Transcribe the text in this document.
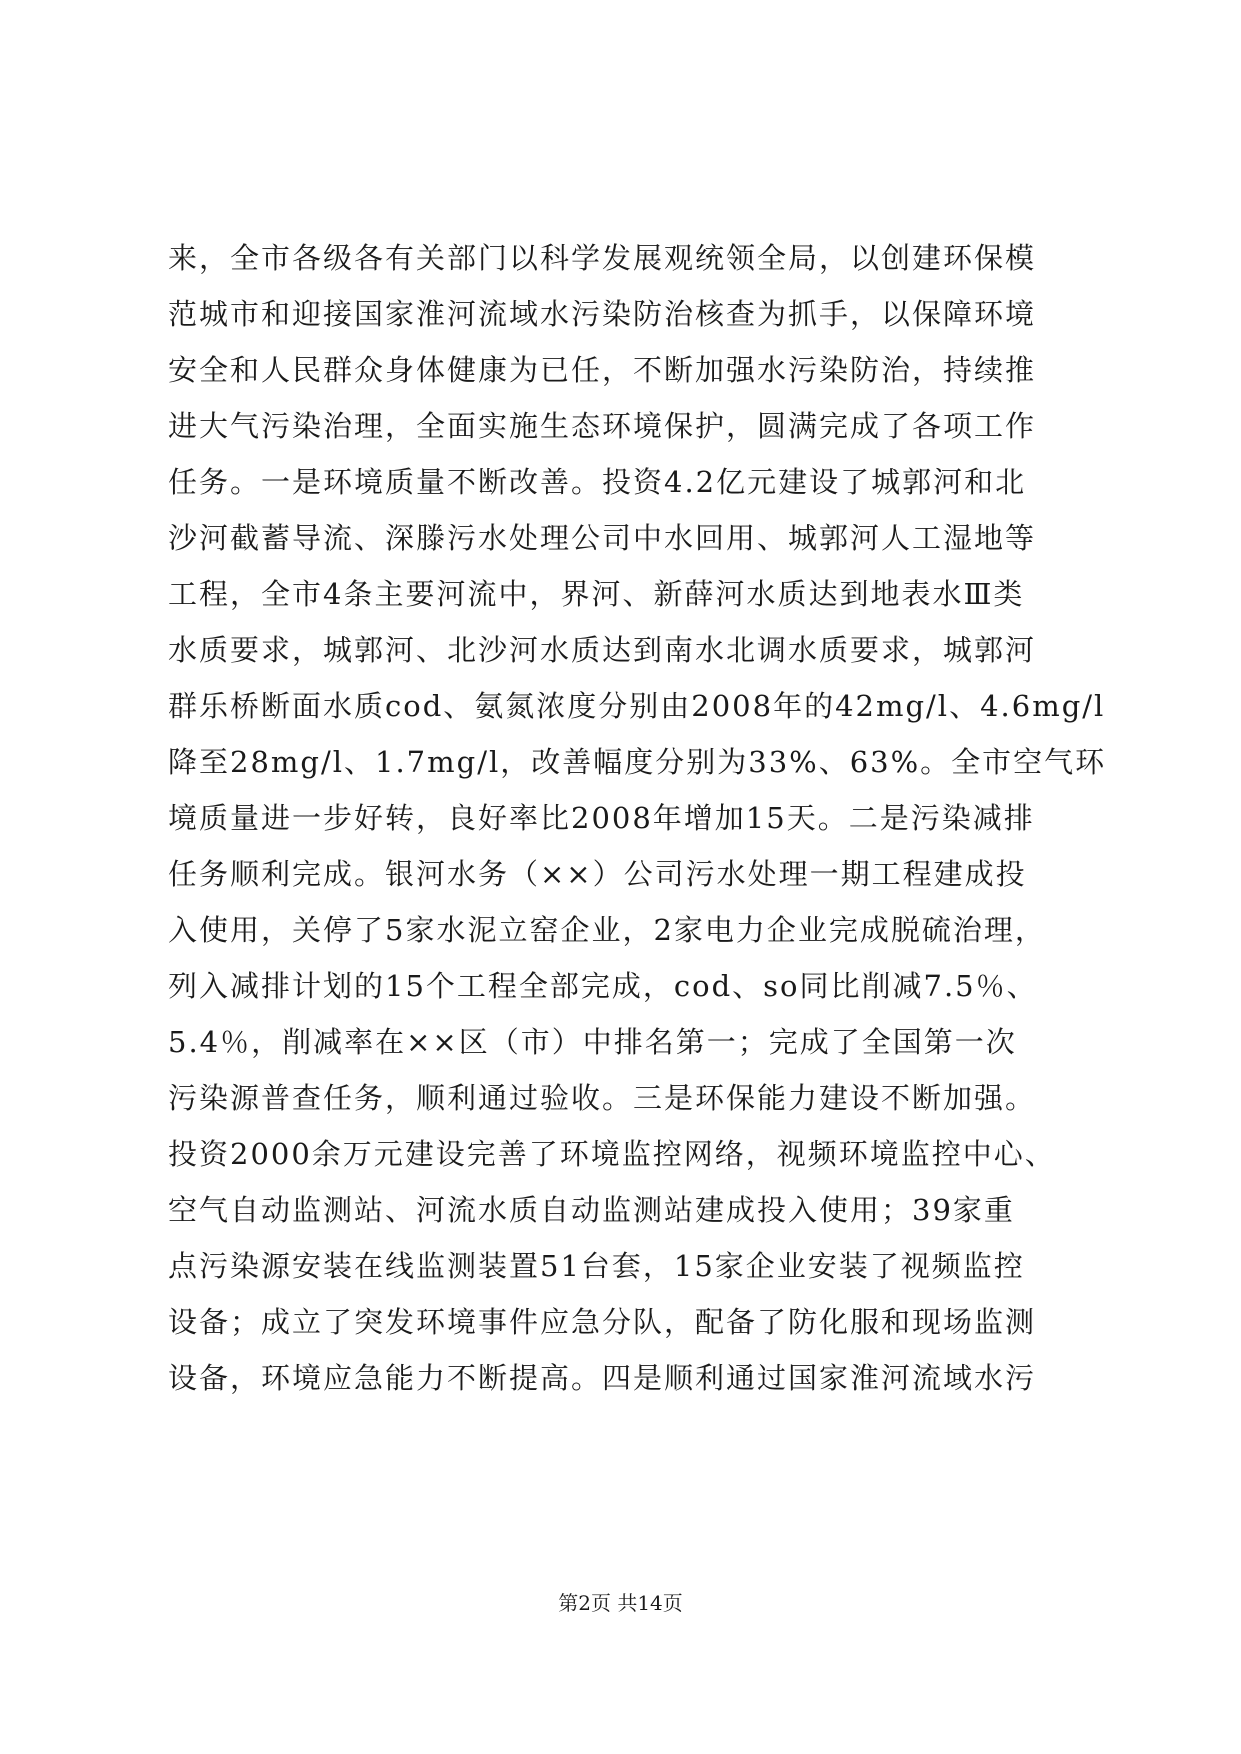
来，全市各级各有关部门以科学发展观统领全局，以创建环保模
范城市和迎接国家淮河流域水污染防治核查为抓手，以保障环境
安全和人民群众身体健康为已任，不断加强水污染防治，持续推
进大气污染治理，全面实施生态环境保护，圆满完成了各项工作
任务。一是环境质量不断改善。投资4.2亿元建设了城郭河和北
沙河截蓄导流、深滕污水处理公司中水回用、城郭河人工湿地等
工程，全市4条主要河流中，界河、新薛河水质达到地表水Ⅲ类
水质要求，城郭河、北沙河水质达到南水北调水质要求，城郭河
群乐桥断面水质cod、氨氮浓度分别由2008年的42mg/l、4.6mg/l
降至28mg/l、1.7mg/l，改善幅度分别为33%、63%。全市空气环
境质量进一步好转，良好率比2008年增加15天。二是污染减排
任务顺利完成。银河水务（××）公司污水处理一期工程建成投
入使用，关停了5家水泥立窑企业，2家电力企业完成脱硫治理，
列入减排计划的15个工程全部完成，cod、so同比削减7.5％、
5.4％，削减率在××区（市）中排名第一；完成了全国第一次
污染源普查任务，顺利通过验收。三是环保能力建设不断加强。
投资2000余万元建设完善了环境监控网络，视频环境监控中心、
空气自动监测站、河流水质自动监测站建成投入使用；39家重
点污染源安装在线监测装置51台套，15家企业安装了视频监控
设备；成立了突发环境事件应急分队，配备了防化服和现场监测
设备，环境应急能力不断提高。四是顺利通过国家淮河流域水污
第2页 共14页
